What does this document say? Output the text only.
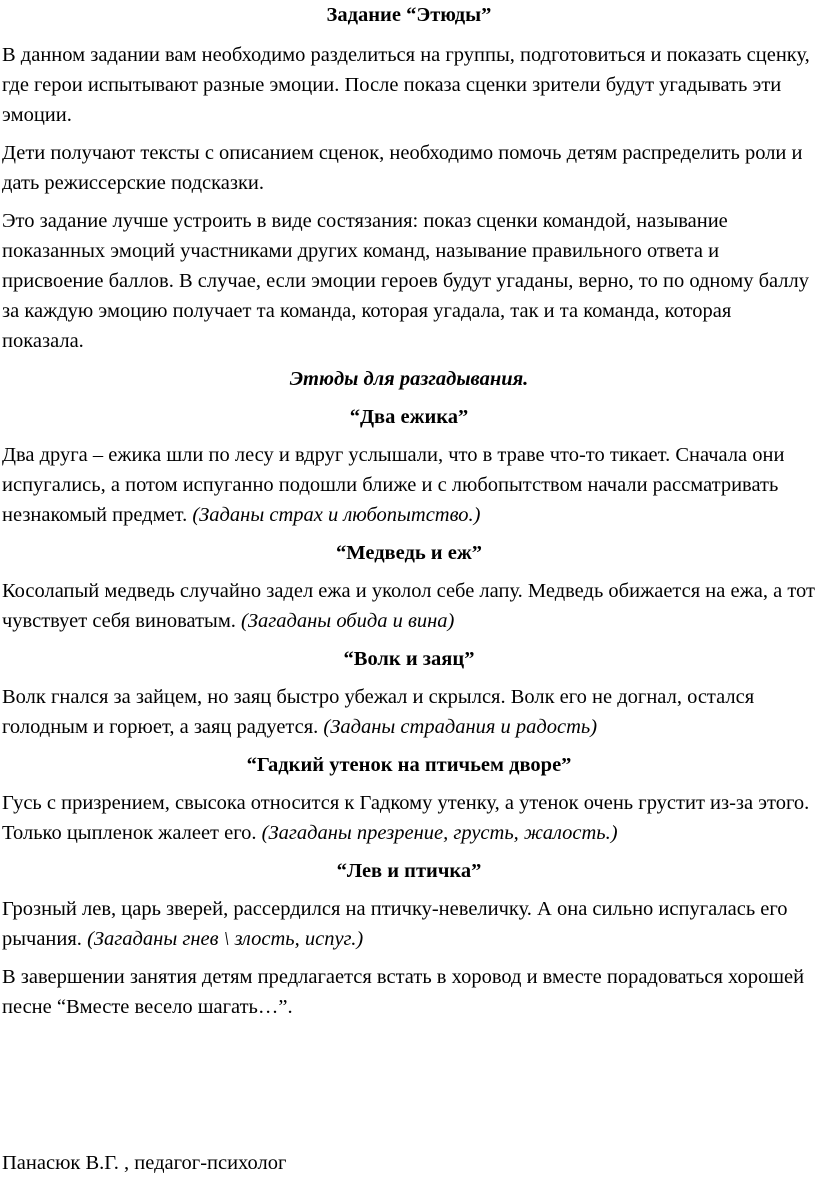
Задание “Этюды”

В данном задании вам необходимо разделиться на группы, подготовиться и показать сценку, где герои испытывают разные эмоции. После показа сценки зрители будут угадывать эти эмоции.

Дети получают тексты с описанием сценок, необходимо помочь детям распределить роли и дать режиссерские подсказки.

Это задание лучше устроить в виде состязания: показ сценки командой, называние показанных эмоций участниками других команд, называние правильного ответа и присвоение баллов. В случае, если эмоции героев будут угаданы, верно, то по одному баллу за каждую эмоцию получает та команда, которая угадала, так и та команда, которая показала.

Этюды для разгадывания.

“Два ежика”

Два друга – ежика шли по лесу и вдруг услышали, что в траве что-то тикает. Сначала они испугались, а потом испуганно подошли ближе и с любопытством начали рассматривать незнакомый предмет. (Заданы страх и любопытство.)

“Медведь и еж”

Косолапый медведь случайно задел ежа и уколол себе лапу. Медведь обижается на ежа, а тот чувствует себя виноватым. (Загаданы обида и вина)

“Волк и заяц”

Волк гнался за зайцем, но заяц быстро убежал и скрылся. Волк его не догнал, остался голодным и горюет, а заяц радуется. (Заданы страдания и радость)

“Гадкий утенок на птичьем дворе”

Гусь с призрением, свысока относится к Гадкому утенку, а утенок очень грустит из-за этого. Только цыпленок жалеет его. (Загаданы презрение, грусть, жалость.)

“Лев и птичка”

Грозный лев, царь зверей, рассердился на птичку-невеличку. А она сильно испугалась его рычания. (Загаданы гнев \ злость, испуг.)

В завершении занятия детям предлагается встать в хоровод и вместе порадоваться хорошей песне “Вместе весело шагать…”.

Панасюк В.Г. , педагог-психолог
